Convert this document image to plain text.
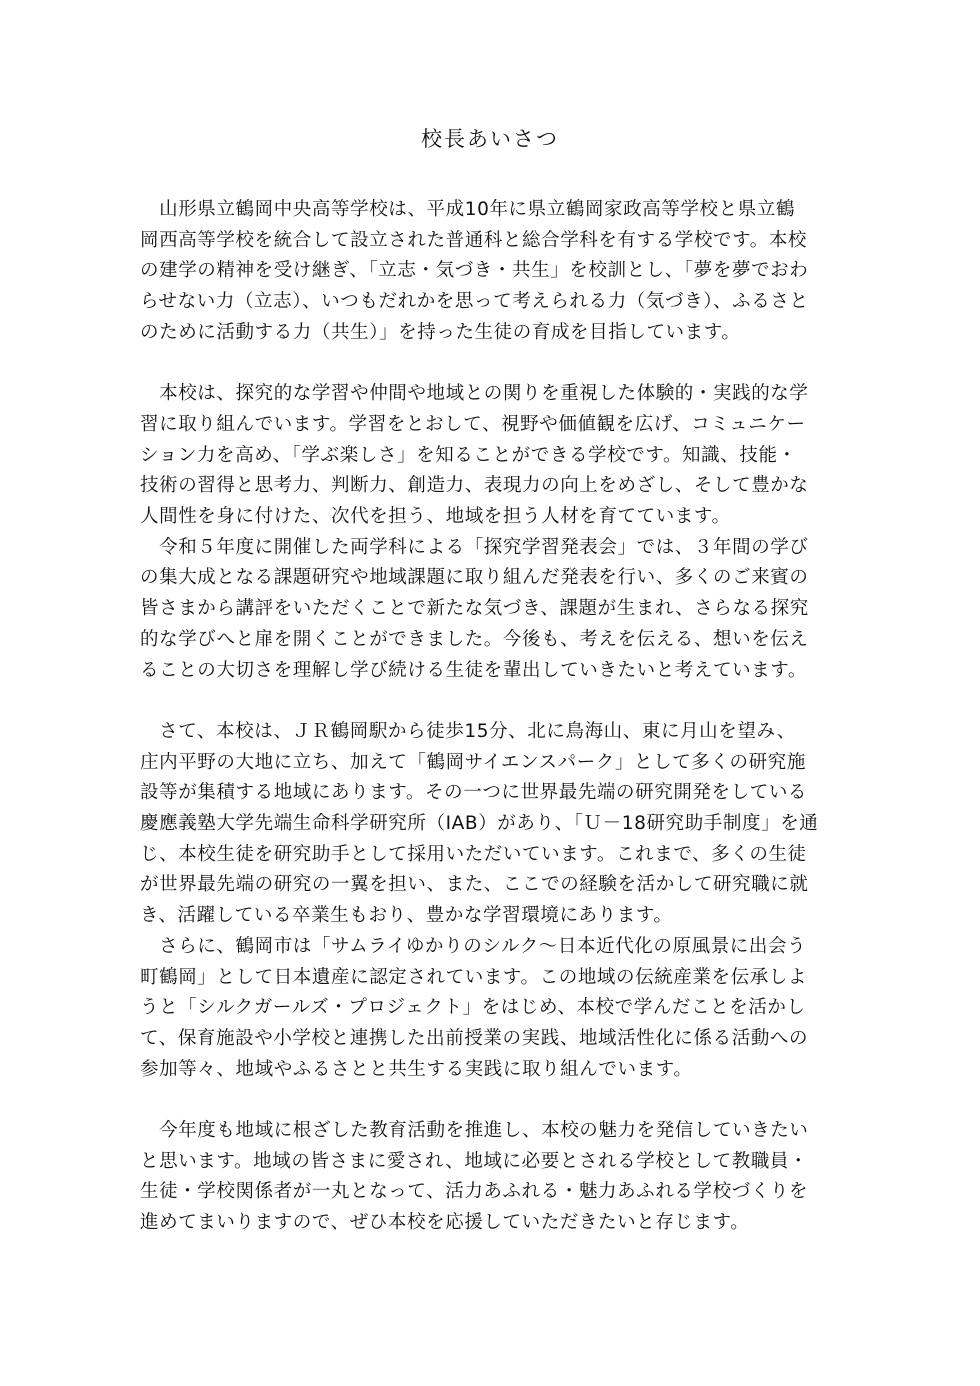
校長あいさつ

　山形県立鶴岡中央高等学校は、平成10年に県立鶴岡家政高等学校と県立鶴
岡西高等学校を統合して設立された普通科と総合学科を有する学校です。本校
の建学の精神を受け継ぎ、「立志・気づき・共生」を校訓とし、「夢を夢でおわ
らせない力（立志）、いつもだれかを思って考えられる力（気づき）、ふるさと
のために活動する力（共生）」を持った生徒の育成を目指しています。

　本校は、探究的な学習や仲間や地域との関りを重視した体験的・実践的な学
習に取り組んでいます。学習をとおして、視野や価値観を広げ、コミュニケー
ション力を高め、「学ぶ楽しさ」を知ることができる学校です。知識、技能・
技術の習得と思考力、判断力、創造力、表現力の向上をめざし、そして豊かな
人間性を身に付けた、次代を担う、地域を担う人材を育てています。

　令和５年度に開催した両学科による「探究学習発表会」では、３年間の学び
の集大成となる課題研究や地域課題に取り組んだ発表を行い、多くのご来賓の
皆さまから講評をいただくことで新たな気づき、課題が生まれ、さらなる探究
的な学びへと扉を開くことができました。今後も、考えを伝える、想いを伝え
ることの大切さを理解し学び続ける生徒を輩出していきたいと考えています。

　さて、本校は、ＪＲ鶴岡駅から徒歩15分、北に鳥海山、東に月山を望み、
庄内平野の大地に立ち、加えて「鶴岡サイエンスパーク」として多くの研究施
設等が集積する地域にあります。その一つに世界最先端の研究開発をしている
慶應義塾大学先端生命科学研究所（IAB）があり、「Ｕ－18研究助手制度」を通
じ、本校生徒を研究助手として採用いただいています。これまで、多くの生徒
が世界最先端の研究の一翼を担い、また、ここでの経験を活かして研究職に就
き、活躍している卒業生もおり、豊かな学習環境にあります。

　さらに、鶴岡市は「サムライゆかりのシルク～日本近代化の原風景に出会う
町鶴岡」として日本遺産に認定されています。この地域の伝統産業を伝承しよ
うと「シルクガールズ・プロジェクト」をはじめ、本校で学んだことを活かし
て、保育施設や小学校と連携した出前授業の実践、地域活性化に係る活動への
参加等々、地域やふるさとと共生する実践に取り組んでいます。

　今年度も地域に根ざした教育活動を推進し、本校の魅力を発信していきたい
と思います。地域の皆さまに愛され、地域に必要とされる学校として教職員・
生徒・学校関係者が一丸となって、活力あふれる・魅力あふれる学校づくりを
進めてまいりますので、ぜひ本校を応援していただきたいと存じます。
